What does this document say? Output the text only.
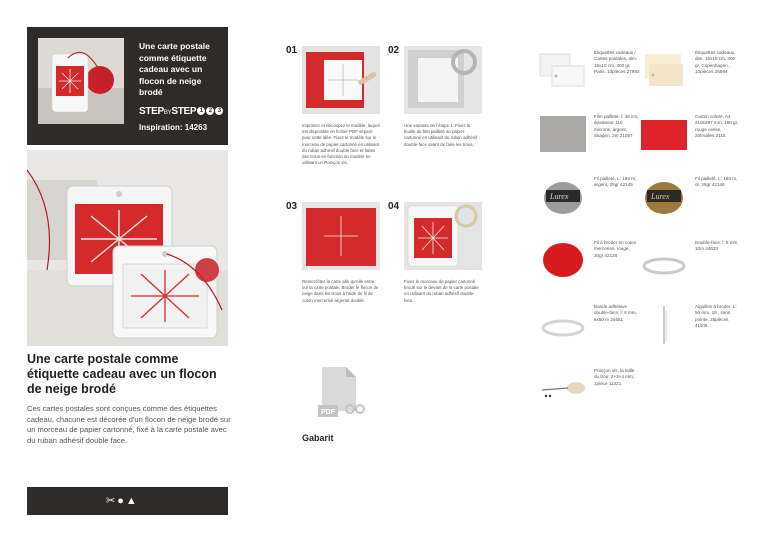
Une carte postale comme étiquette cadeau avec un flocon de neige brodé
STEPBYSTEP 1 2 3
Inspiration: 14263
Une carte postale comme étiquette cadeau avec un flocon de neige brodé
Ces cartes postales sont conçues comme des étiquettes cadeau, chacune est décorée d'un flocon de neige brodé sur un morceau de papier cartonné, fixé à la carte postale avec du ruban adhésif double face.
✂●▲
01
Imprimez et découpez le modèle, lequel est disponible en fichier PDF séparé pour cette idée. Fixez le modèle sur le morceau de papier cartonné en utilisant du ruban adhésif double face et faites des trous en fonction du modèle en utilisant un Poinçon vis.
02
Une variante de l'étape 1: Fixez la feuille de film pailleté au papier cartonné en utilisant du ruban adhésif double-face avant de faire les trous.
03
Retirez/ôtez la carte afin qu'elle entre sur la carte postale. Broder le flocon de neige dans les trous à l'aide de fil de coton mercerisé argenté doublé.
04
Fixez le morceau de papier cartonné brodé sur le devant de la carte postale en utilisant du ruban adhésif double-face.
PDF
Gabarit
Étiquettes cadeaux / Cartes postales, dim. 15x10 cm, 300 gr, Paris, 10pièces 27992
Étiquettes cadeaux, dim. 15x10 cm, 300 gr, Copenhagen , 10pièces 25694
Film pailleté, l: 35 cm, épaisseur 110 microns, argent, Skagen, 2m 21057
Carton coloré, A4 210x297 mm, 180 gr, rouge cerise, 20feuilles 2115
Lurex
Fil pailleté, L: 160 m, argent, 25gr 42145
Lurex
Fil pailleté, L: 160 m, or, 25gr 42146
Fil à broder en coton mercerisé, rouge, 20gr 42130
Double-face, l: 6 mm, 10m 24633
Bande adhésive double-face, l: 6 mm, 6x50 m 24651
Aiguilles à broder, L: 50 mm, 18 , sans pointe, 25pièces 41105
Poinçon vis, la taille du trou: 2+3+4 mm, 1pièce 11421
